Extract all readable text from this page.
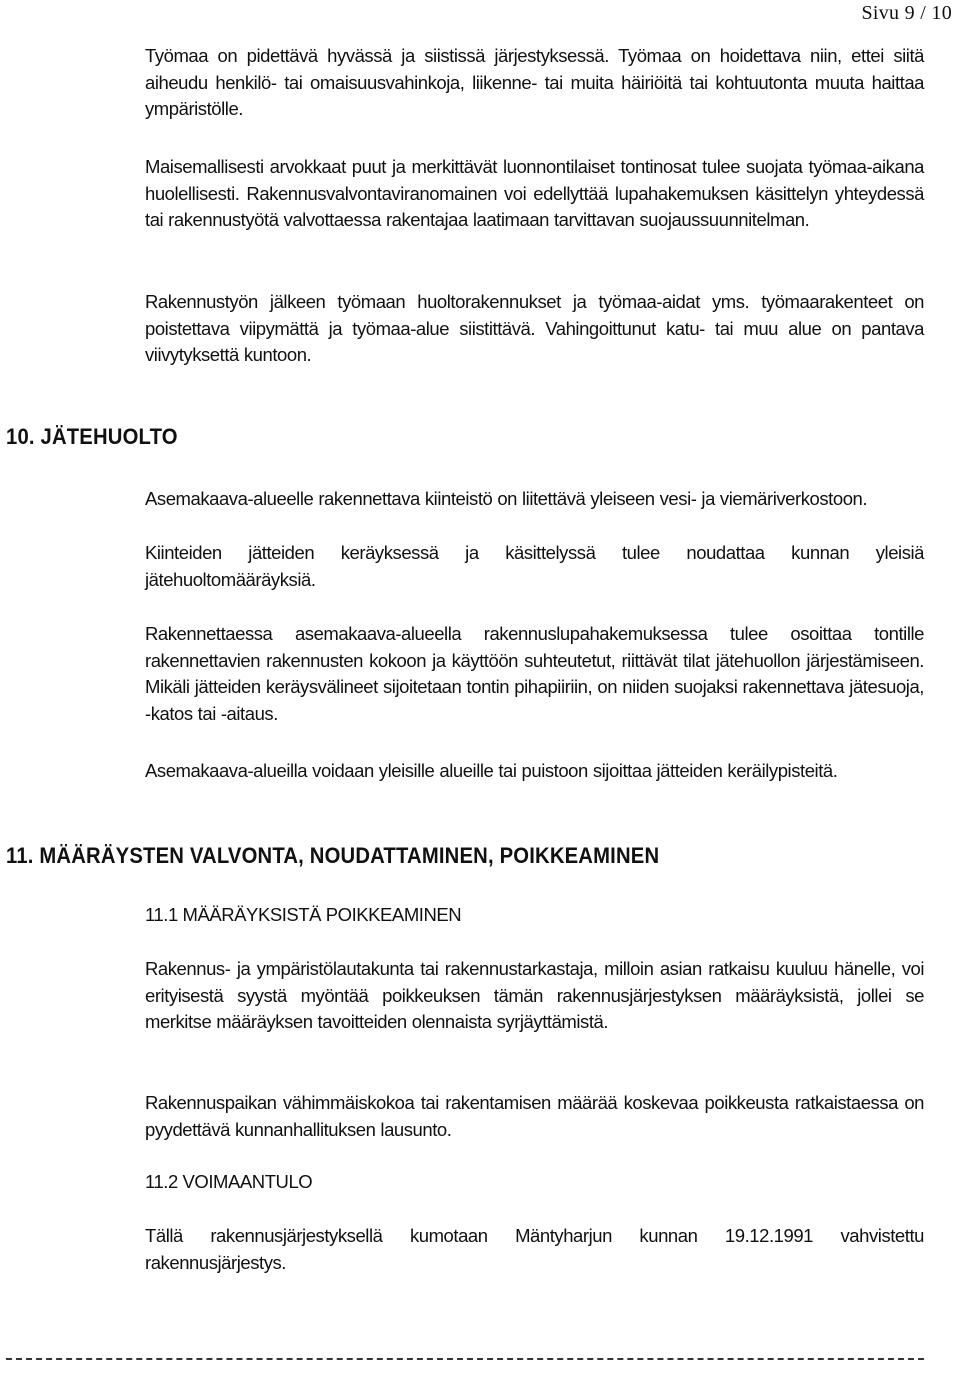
Sivu 9 / 10

Työmaa on pidettävä hyvässä ja siistissä järjestyksessä. Työmaa on hoidettava niin, ettei siitä aiheudu henkilö- tai omaisuusvahinkoja, liikenne- tai muita häiriöitä tai kohtuutonta muuta haittaa ympäristölle.

Maisemallisesti arvokkaat puut ja merkittävät luonnontilaiset tontinosat tulee suojata työmaa-aikana huolellisesti. Rakennusvalvontaviranomainen voi edellyttää lupahakemuksen käsittelyn yhteydessä tai rakennustyötä valvottaessa rakentajaa laatimaan tarvittavan suojaussuunnitelman.

Rakennustyön jälkeen työmaan huoltorakennukset ja työmaa-aidat yms. työmaarakenteet on poistettava viipymättä ja työmaa-alue siistittävä. Vahingoittunut katu- tai muu alue on pantava viivytyksettä kuntoon.

10. JÄTEHUOLTO

Asemakaava-alueelle rakennettava kiinteistö on liitettävä yleiseen vesi- ja viemäriverkostoon.

Kiinteiden jätteiden keräyksessä ja käsittelyssä tulee noudattaa kunnan yleisiä jätehuoltomääräyksiä.

Rakennettaessa asemakaava-alueella rakennuslupahakemuksessa tulee osoittaa tontille rakennettavien rakennusten kokoon ja käyttöön suhteutetut, riittävät tilat jätehuollon järjestämiseen. Mikäli jätteiden keräysvälineet sijoitetaan tontin pihapiiriin, on niiden suojaksi rakennettava jätesuoja, -katos tai -aitaus.

Asemakaava-alueilla voidaan yleisille alueille tai puistoon sijoittaa jätteiden keräilypisteitä.

11. MÄÄRÄYSTEN VALVONTA, NOUDATTAMINEN, POIKKEAMINEN
11.1 MÄÄRÄYKSISTÄ POIKKEAMINEN

Rakennus- ja ympäristölautakunta tai rakennustarkastaja, milloin asian ratkaisu kuuluu hänelle, voi erityisestä syystä myöntää poikkeuksen tämän rakennusjärjestyksen määräyksistä, jollei se merkitse määräyksen tavoitteiden olennaista syrjäyttämistä.

Rakennuspaikan vähimmäiskokoa tai rakentamisen määrää koskevaa poikkeusta ratkaistaessa on pyydettävä kunnanhallituksen lausunto.

11.2 VOIMAANTULO

Tällä rakennusjärjestyksellä kumotaan Mäntyharjun kunnan 19.12.1991 vahvistettu rakennusjärjestys.
